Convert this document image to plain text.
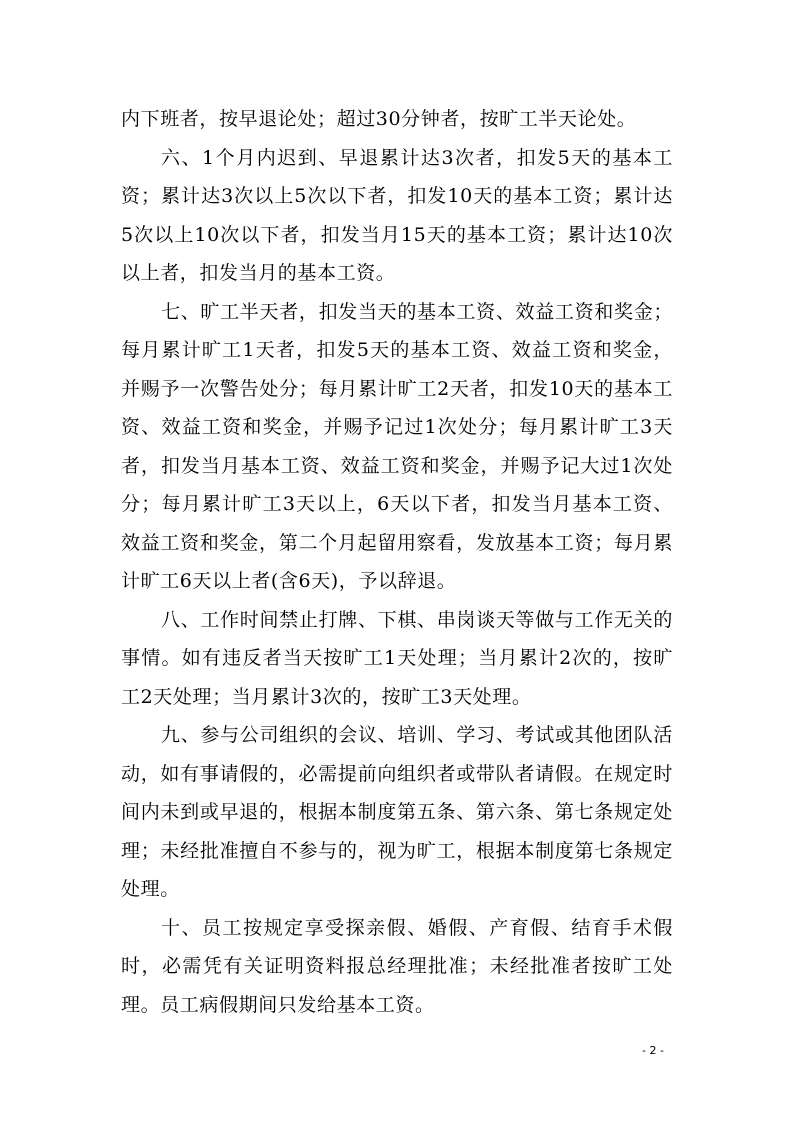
内下班者，按早退论处；超过30分钟者，按旷工半天论处。

六、1个月内迟到、早退累计达3次者，扣发5天的基本工资；累计达3次以上5次以下者，扣发10天的基本工资；累计达5次以上10次以下者，扣发当月15天的基本工资；累计达10次以上者，扣发当月的基本工资。

七、旷工半天者，扣发当天的基本工资、效益工资和奖金；每月累计旷工1天者，扣发5天的基本工资、效益工资和奖金，并赐予一次警告处分；每月累计旷工2天者，扣发10天的基本工资、效益工资和奖金，并赐予记过1次处分；每月累计旷工3天者，扣发当月基本工资、效益工资和奖金，并赐予记大过1次处分；每月累计旷工3天以上，6天以下者，扣发当月基本工资、效益工资和奖金，第二个月起留用察看，发放基本工资；每月累计旷工6天以上者(含6天)，予以辞退。

八、工作时间禁止打牌、下棋、串岗谈天等做与工作无关的事情。如有违反者当天按旷工1天处理；当月累计2次的，按旷工2天处理；当月累计3次的，按旷工3天处理。

九、参与公司组织的会议、培训、学习、考试或其他团队活动，如有事请假的，必需提前向组织者或带队者请假。在规定时间内未到或早退的，根据本制度第五条、第六条、第七条规定处理；未经批准擅自不参与的，视为旷工，根据本制度第七条规定处理。

十、员工按规定享受探亲假、婚假、产育假、结育手术假时，必需凭有关证明资料报总经理批准；未经批准者按旷工处理。员工病假期间只发给基本工资。

- 2 -
